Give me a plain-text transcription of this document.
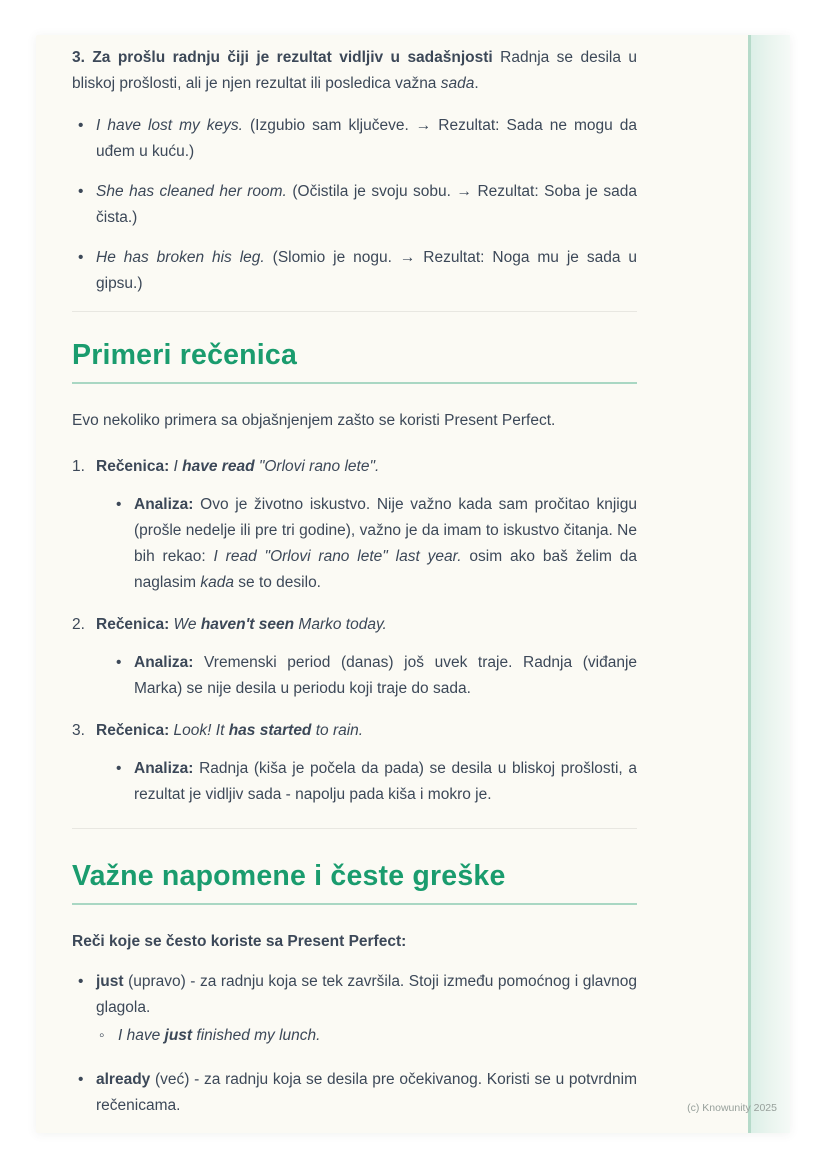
3. Za prošlu radnju čiji je rezultat vidljiv u sadašnjosti Radnja se desila u bliskoj prošlosti, ali je njen rezultat ili posledica važna sada.

• I have lost my keys. (Izgubio sam ključeve. → Rezultat: Sada ne mogu da uđem u kuću.)
• She has cleaned her room. (Očistila je svoju sobu. → Rezultat: Soba je sada čista.)
• He has broken his leg. (Slomio je nogu. → Rezultat: Noga mu je sada u gipsu.)
Primeri rečenica

Evo nekoliko primera sa objašnjenjem zašto se koristi Present Perfect.

1. Rečenica: I have read "Orlovi rano lete".
• Analiza: Ovo je životno iskustvo. Nije važno kada sam pročitao knjigu (prošle nedelje ili pre tri godine), važno je da imam to iskustvo čitanja. Ne bih rekao: I read "Orlovi rano lete" last year. osim ako baš želim da naglasim kada se to desilo.
2. Rečenica: We haven't seen Marko today.
• Analiza: Vremenski period (danas) još uvek traje. Radnja (viđanje Marka) se nije desila u periodu koji traje do sada.
3. Rečenica: Look! It has started to rain.
• Analiza: Radnja (kiša je počela da pada) se desila u bliskoj prošlosti, a rezultat je vidljiv sada - napolju pada kiša i mokro je.
Važne napomene i česte greške

Reči koje se često koriste sa Present Perfect:

• just (upravo) - za radnju koja se tek završila. Stoji između pomoćnog i glavnog glagola.
◦ I have just finished my lunch.
• already (već) - za radnju koja se desila pre očekivanog. Koristi se u potvrdnim rečenicama.	(c) Knowunity 2025
